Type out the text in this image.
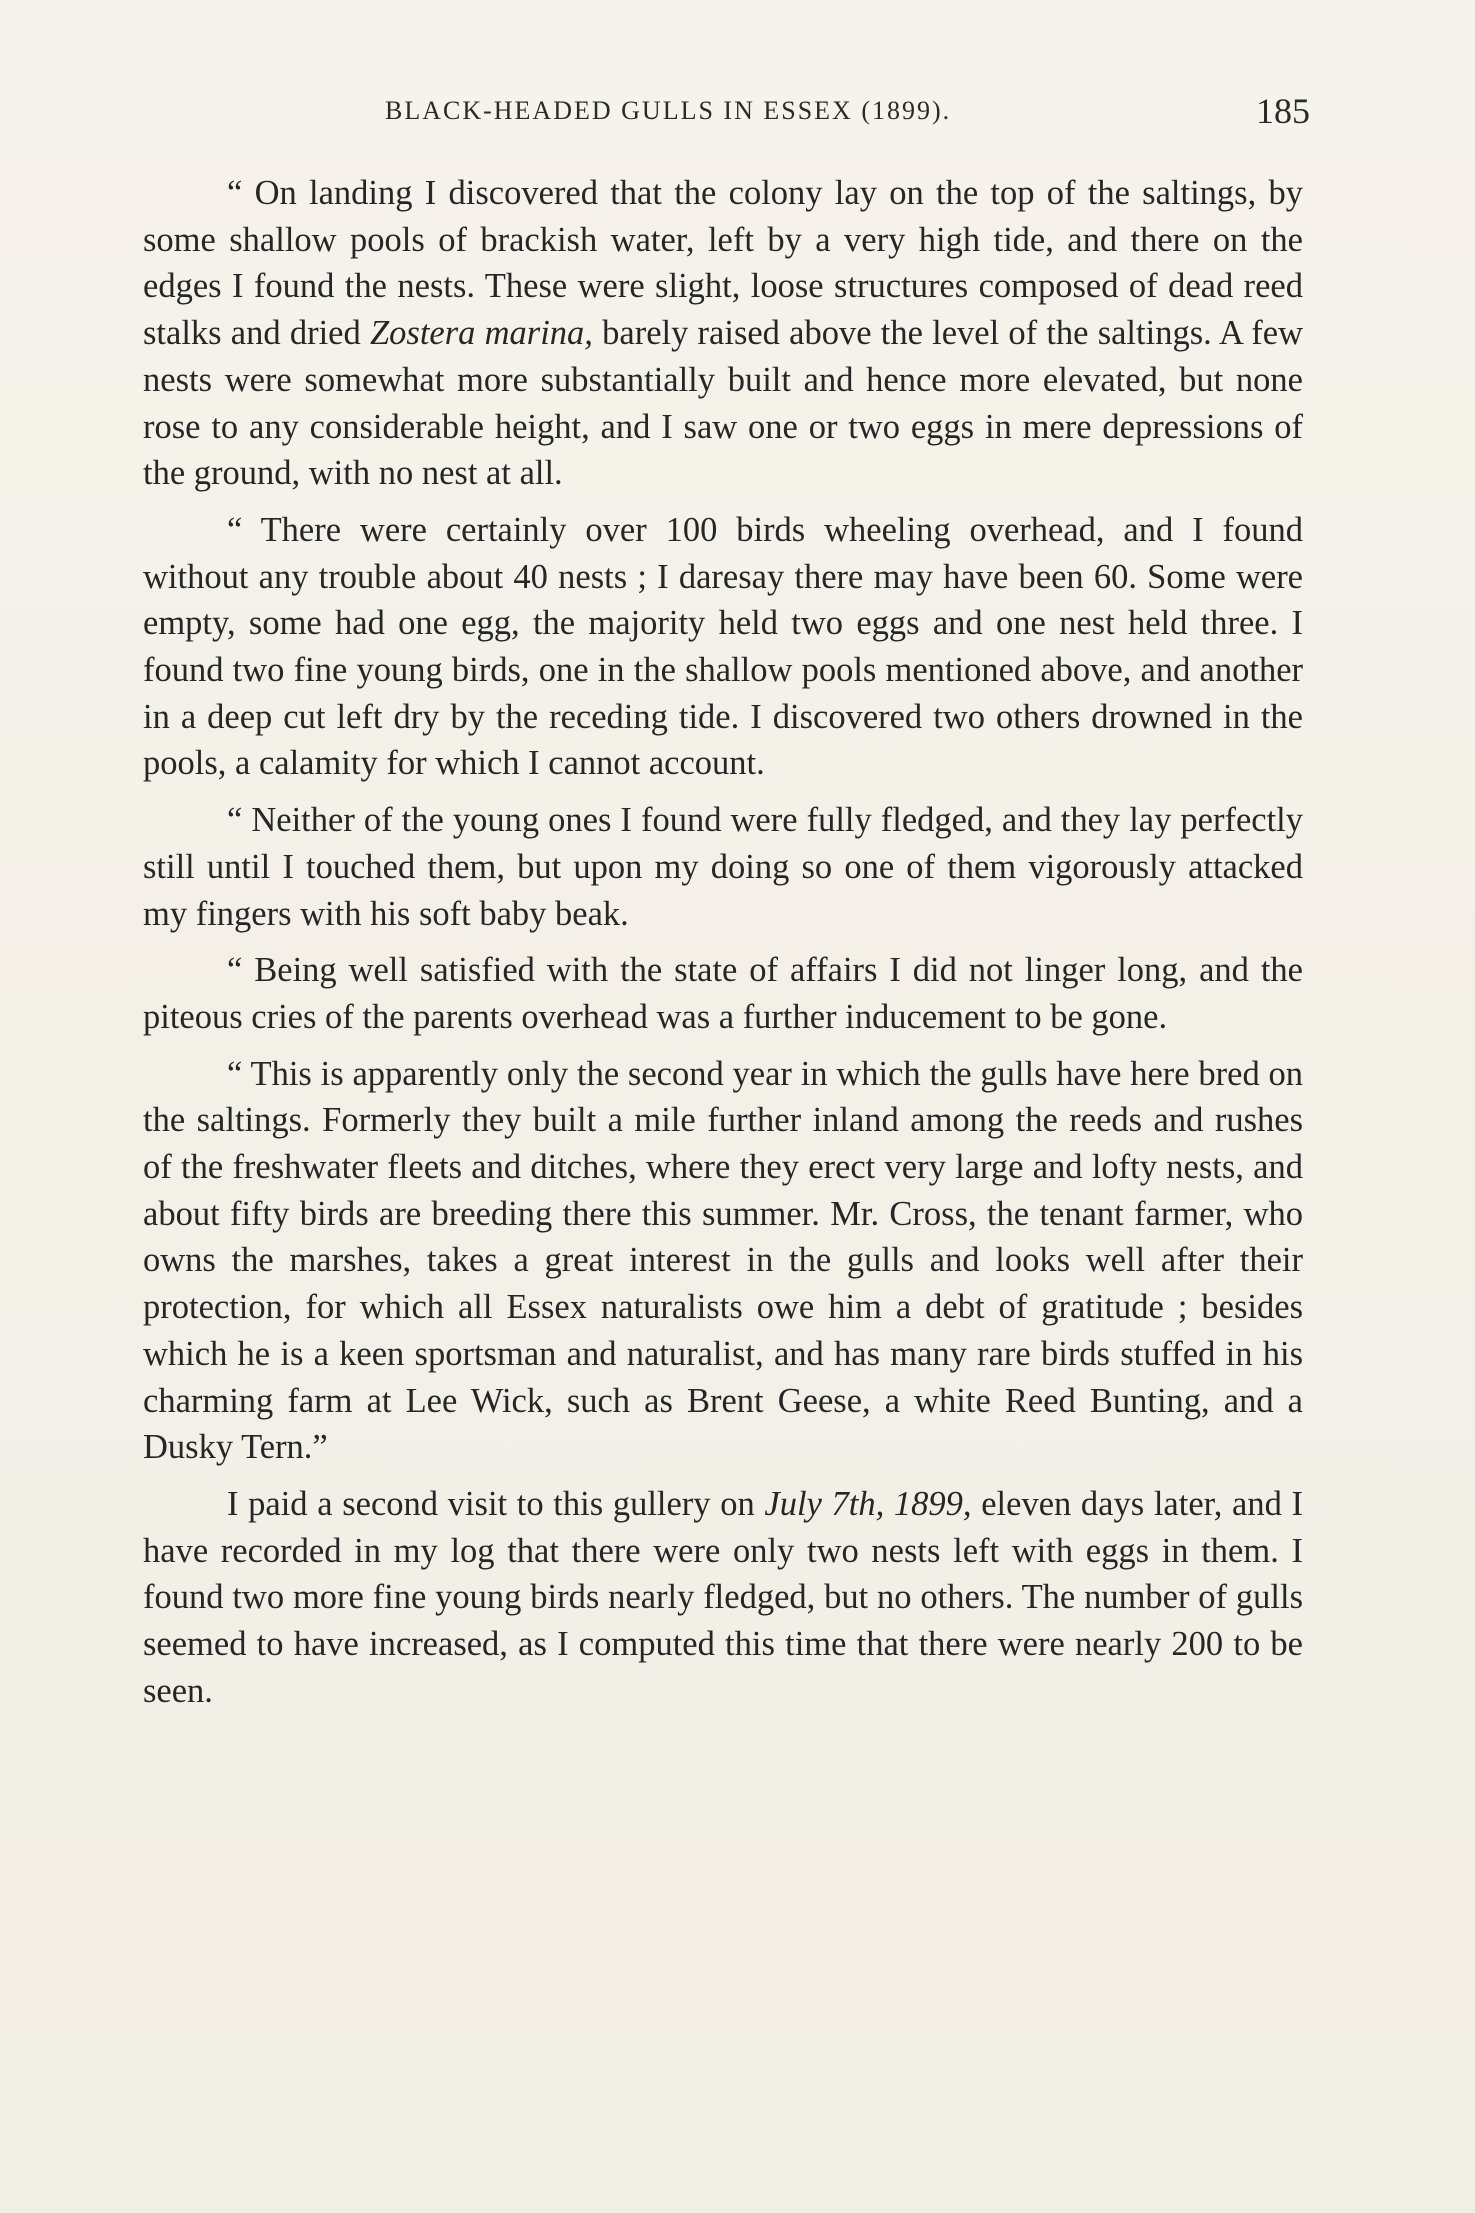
BLACK-HEADED GULLS IN ESSEX (1899).	185

“ On landing I discovered that the colony lay on the top of the saltings, by some shallow pools of brackish water, left by a very high tide, and there on the edges I found the nests. These were slight, loose structures composed of dead reed stalks and dried Zostera marina, barely raised above the level of the saltings. A few nests were somewhat more substantially built and hence more elevated, but none rose to any considerable height, and I saw one or two eggs in mere depressions of the ground, with no nest at all.

“ There were certainly over 100 birds wheeling overhead, and I found without any trouble about 40 nests ; I daresay there may have been 60. Some were empty, some had one egg, the majority held two eggs and one nest held three. I found two fine young birds, one in the shallow pools mentioned above, and another in a deep cut left dry by the receding tide. I discovered two others drowned in the pools, a calamity for which I cannot account.

“ Neither of the young ones I found were fully fledged, and they lay perfectly still until I touched them, but upon my doing so one of them vigorously attacked my fingers with his soft baby beak.

“ Being well satisfied with the state of affairs I did not linger long, and the piteous cries of the parents overhead was a further inducement to be gone.

“ This is apparently only the second year in which the gulls have here bred on the saltings. Formerly they built a mile further inland among the reeds and rushes of the freshwater fleets and ditches, where they erect very large and lofty nests, and about fifty birds are breeding there this summer. Mr. Cross, the tenant farmer, who owns the marshes, takes a great interest in the gulls and looks well after their protection, for which all Essex naturalists owe him a debt of gratitude ; besides which he is a keen sportsman and naturalist, and has many rare birds stuffed in his charming farm at Lee Wick, such as Brent Geese, a white Reed Bunting, and a Dusky Tern.”

I paid a second visit to this gullery on July 7th, 1899, eleven days later, and I have recorded in my log that there were only two nests left with eggs in them. I found two more fine young birds nearly fledged, but no others. The number of gulls seemed to have increased, as I computed this time that there were nearly 200 to be seen.
